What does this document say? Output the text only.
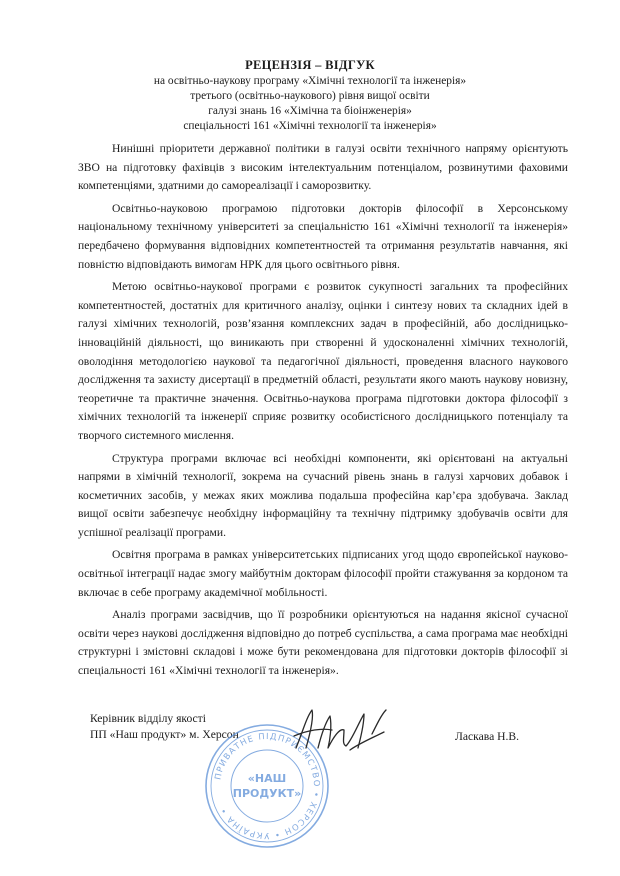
РЕЦЕНЗІЯ – ВІДГУК
на освітньо-наукову програму «Хімічні технології та інженерія»
третього (освітньо-наукового) рівня вищої освіти
галузі знань 16 «Хімічна та біоінженерія»
спеціальності 161 «Хімічні технології та інженерія»

Нинішні пріоритети державної політики в галузі освіти технічного напряму орієнтують ЗВО на підготовку фахівців з високим інтелектуальним потенціалом, розвинутими фаховими компетенціями, здатними до самореалізації і саморозвитку.

Освітньо-науковою програмою підготовки докторів філософії в Херсонському національному технічному університеті за спеціальністю 161 «Хімічні технології та інженерія» передбачено формування відповідних компетентностей та отримання результатів навчання, які повністю відповідають вимогам НРК для цього освітнього рівня.

Метою освітньо-наукової програми є розвиток сукупності загальних та професійних компетентностей, достатніх для критичного аналізу, оцінки і синтезу нових та складних ідей в галузі хімічних технологій, розв’язання комплексних задач в професійній, або дослідницько-інноваційній діяльності, що виникають при створенні й удосконаленні хімічних технологій, оволодіння методологією наукової та педагогічної діяльності, проведення власного наукового дослідження та захисту дисертації в предметній області, результати якого мають наукову новизну, теоретичне та практичне значення. Освітньо-наукова програма підготовки доктора філософії з хімічних технологій та інженерії сприяє розвитку особистісного дослідницького потенціалу та творчого системного мислення.

Структура програми включає всі необхідні компоненти, які орієнтовані на актуальні напрями в хімічній технології, зокрема на сучасний рівень знань в галузі харчових добавок і косметичних засобів, у межах яких можлива подальша професійна кар’єра здобувача. Заклад вищої освіти забезпечує необхідну інформаційну та технічну підтримку здобувачів освіти для успішної реалізації програми.

Освітня програма в рамках університетських підписаних угод щодо європейської науково-освітньої інтеграції надає змогу майбутнім докторам філософії пройти стажування за кордоном та включає в себе програму академічної мобільності.

Аналіз програми засвідчив, що її розробники орієнтуються на надання якісної сучасної освіти через наукові дослідження відповідно до потреб суспільства, а сама програма має необхідні структурні і змістовні складові і може бути рекомендована для підготовки докторів філософії зі спеціальності 161 «Хімічні технології та інженерія».

Керівник відділу якості
ПП «Наш продукт» м. Херсон
ПРИВАТНЕ ПІДПРИЄМСТВО • ХЕРСОН • УКРАЇНА •
«НАШ
ПРОДУКТ»
Ласкава Н.В.
